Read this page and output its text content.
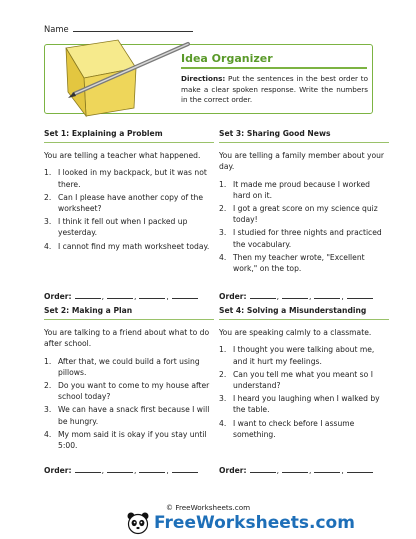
Name
Idea Organizer
Directions: Put the sentences in the best order to make a clear spoken response. Write the numbers in the correct order.
Set 1: Explaining a Problem
You are telling a teacher what happened.
1. I looked in my backpack, but it was not there.
2. Can I please have another copy of the worksheet?
3. I think it fell out when I packed up yesterday.
4. I cannot find my math worksheet today.
Order:	,	,	,
Set 3: Sharing Good News
You are telling a family member about your day.
1. It made me proud because I worked hard on it.
2. I got a great score on my science quiz today!
3. I studied for three nights and practiced the vocabulary.
4. Then my teacher wrote, "Excellent work," on the top.
Order:	,	,	,
Set 2: Making a Plan
You are talking to a friend about what to do after school.
1. After that, we could build a fort using pillows.
2. Do you want to come to my house after school today?
3. We can have a snack first because I will be hungry.
4. My mom said it is okay if you stay until 5:00.
Order:	,	,	,
Set 4: Solving a Misunderstanding
You are speaking calmly to a classmate.
1. I thought you were talking about me, and it hurt my feelings.
2. Can you tell me what you meant so I understand?
3. I heard you laughing when I walked by the table.
4. I want to check before I assume something.
Order:	,	,	,
© FreeWorksheets.com
FreeWorksheets.com
